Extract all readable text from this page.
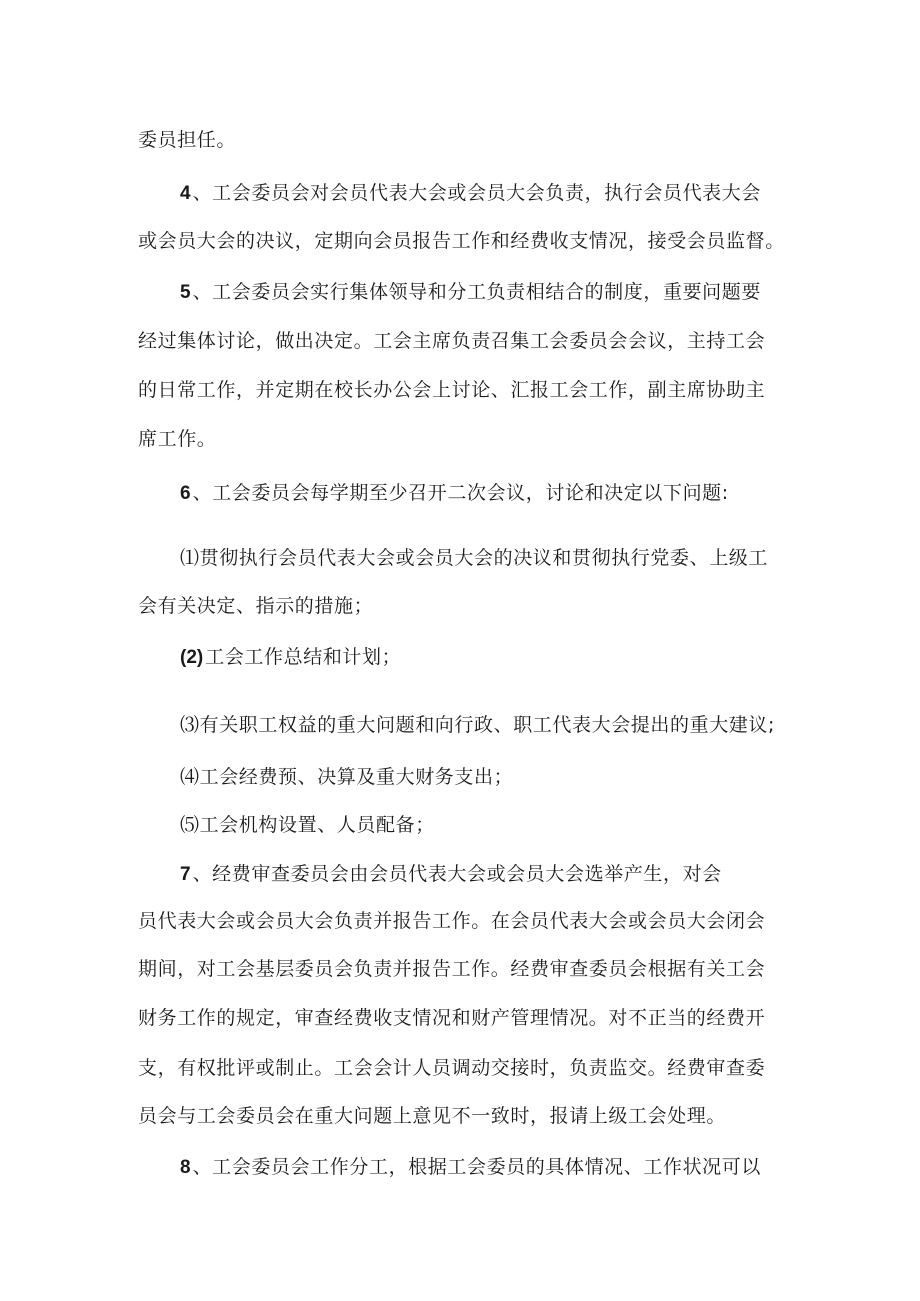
委员担任。
4 、工会委员会对会员代表大会或会员大会负责，执行会员代表大会
或会员大会的决议，定期向会员报告工作和经费收支情况，接受会员监督。
5 、工会委员会实行集体领导和分工负责相结合的制度，重要问题要
经过集体讨论，做出决定。工会主席负责召集工会委员会会议，主持工会
的日常工作，并定期在校长办公会上讨论、汇报工会工作，副主席协助主
席工作。
6 、工会委员会每学期至少召开二次会议，讨论和决定以下问题:
⑴贯彻执行会员代表大会或会员大会的决议和贯彻执行党委、上级工
会有关决定、指示的措施；
(2) 工会工作总结和计划；
⑶有关职工权益的重大问题和向行政、职工代表大会提出的重大建议;
⑷工会经费预、决算及重大财务支出；
⑸工会机构设置、人员配备；
7 、经费审查委员会由会员代表大会或会员大会选举产生，对会
员代表大会或会员大会负责并报告工作。在会员代表大会或会员大会闭会
期间，对工会基层委员会负责并报告工作。经费审查委员会根据有关工会
财务工作的规定，审查经费收支情况和财产管理情况。对不正当的经费开
支，有权批评或制止。工会会计人员调动交接时，负责监交。经费审查委
员会与工会委员会在重大问题上意见不一致时，报请上级工会处理。
8 、工会委员会工作分工，根据工会委员的具体情况、工作状况可以
